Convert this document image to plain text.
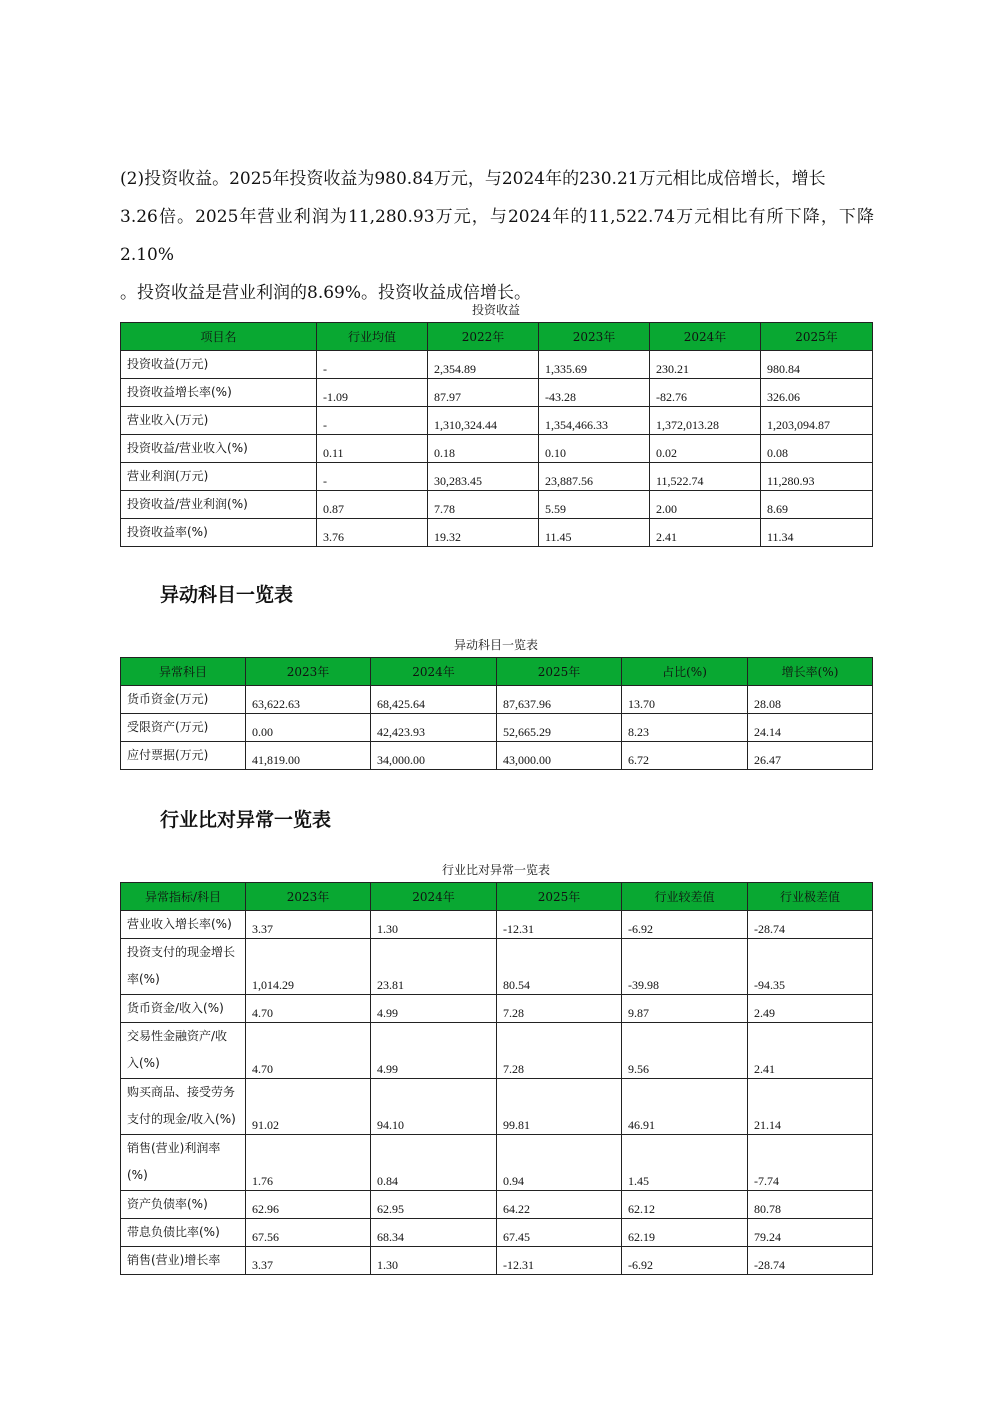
(2)投资收益。2025年投资收益为980.84万元，与2024年的230.21万元相比成倍增长，增长
3.26倍。2025年营业利润为11,280.93万元，与2024年的11,522.74万元相比有所下降，下降2.10%
。投资收益是营业利润的8.69%。投资收益成倍增长。
投资收益
项目名	行业均值	2022年	2023年	2024年	2025年
投资收益(万元)	-	2,354.89	1,335.69	230.21	980.84
投资收益增长率(%)	-1.09	87.97	-43.28	-82.76	326.06
营业收入(万元)	-	1,310,324.44	1,354,466.33	1,372,013.28	1,203,094.87
投资收益/营业收入(%)	0.11	0.18	0.10	0.02	0.08
营业利润(万元)	-	30,283.45	23,887.56	11,522.74	11,280.93
投资收益/营业利润(%)	0.87	7.78	5.59	2.00	8.69
投资收益率(%)	3.76	19.32	11.45	2.41	11.34
异动科目一览表
异动科目一览表
异常科目	2023年	2024年	2025年	占比(%)	增长率(%)
货币资金(万元)	63,622.63	68,425.64	87,637.96	13.70	28.08
受限资产(万元)	0.00	42,423.93	52,665.29	8.23	24.14
应付票据(万元)	41,819.00	34,000.00	43,000.00	6.72	26.47
行业比对异常一览表
行业比对异常一览表
异常指标/科目	2023年	2024年	2025年	行业较差值	行业极差值
营业收入增长率(%)	3.37	1.30	-12.31	-6.92	-28.74
投资支付的现金增长率(%)	1,014.29	23.81	80.54	-39.98	-94.35
货币资金/收入(%)	4.70	4.99	7.28	9.87	2.49
交易性金融资产/收入(%)	4.70	4.99	7.28	9.56	2.41
购买商品、接受劳务支付的现金/收入(%)	91.02	94.10	99.81	46.91	21.14
销售(营业)利润率(%)	1.76	0.84	0.94	1.45	-7.74
资产负债率(%)	62.96	62.95	64.22	62.12	80.78
带息负债比率(%)	67.56	68.34	67.45	62.19	79.24
销售(营业)增长率	3.37	1.30	-12.31	-6.92	-28.74
